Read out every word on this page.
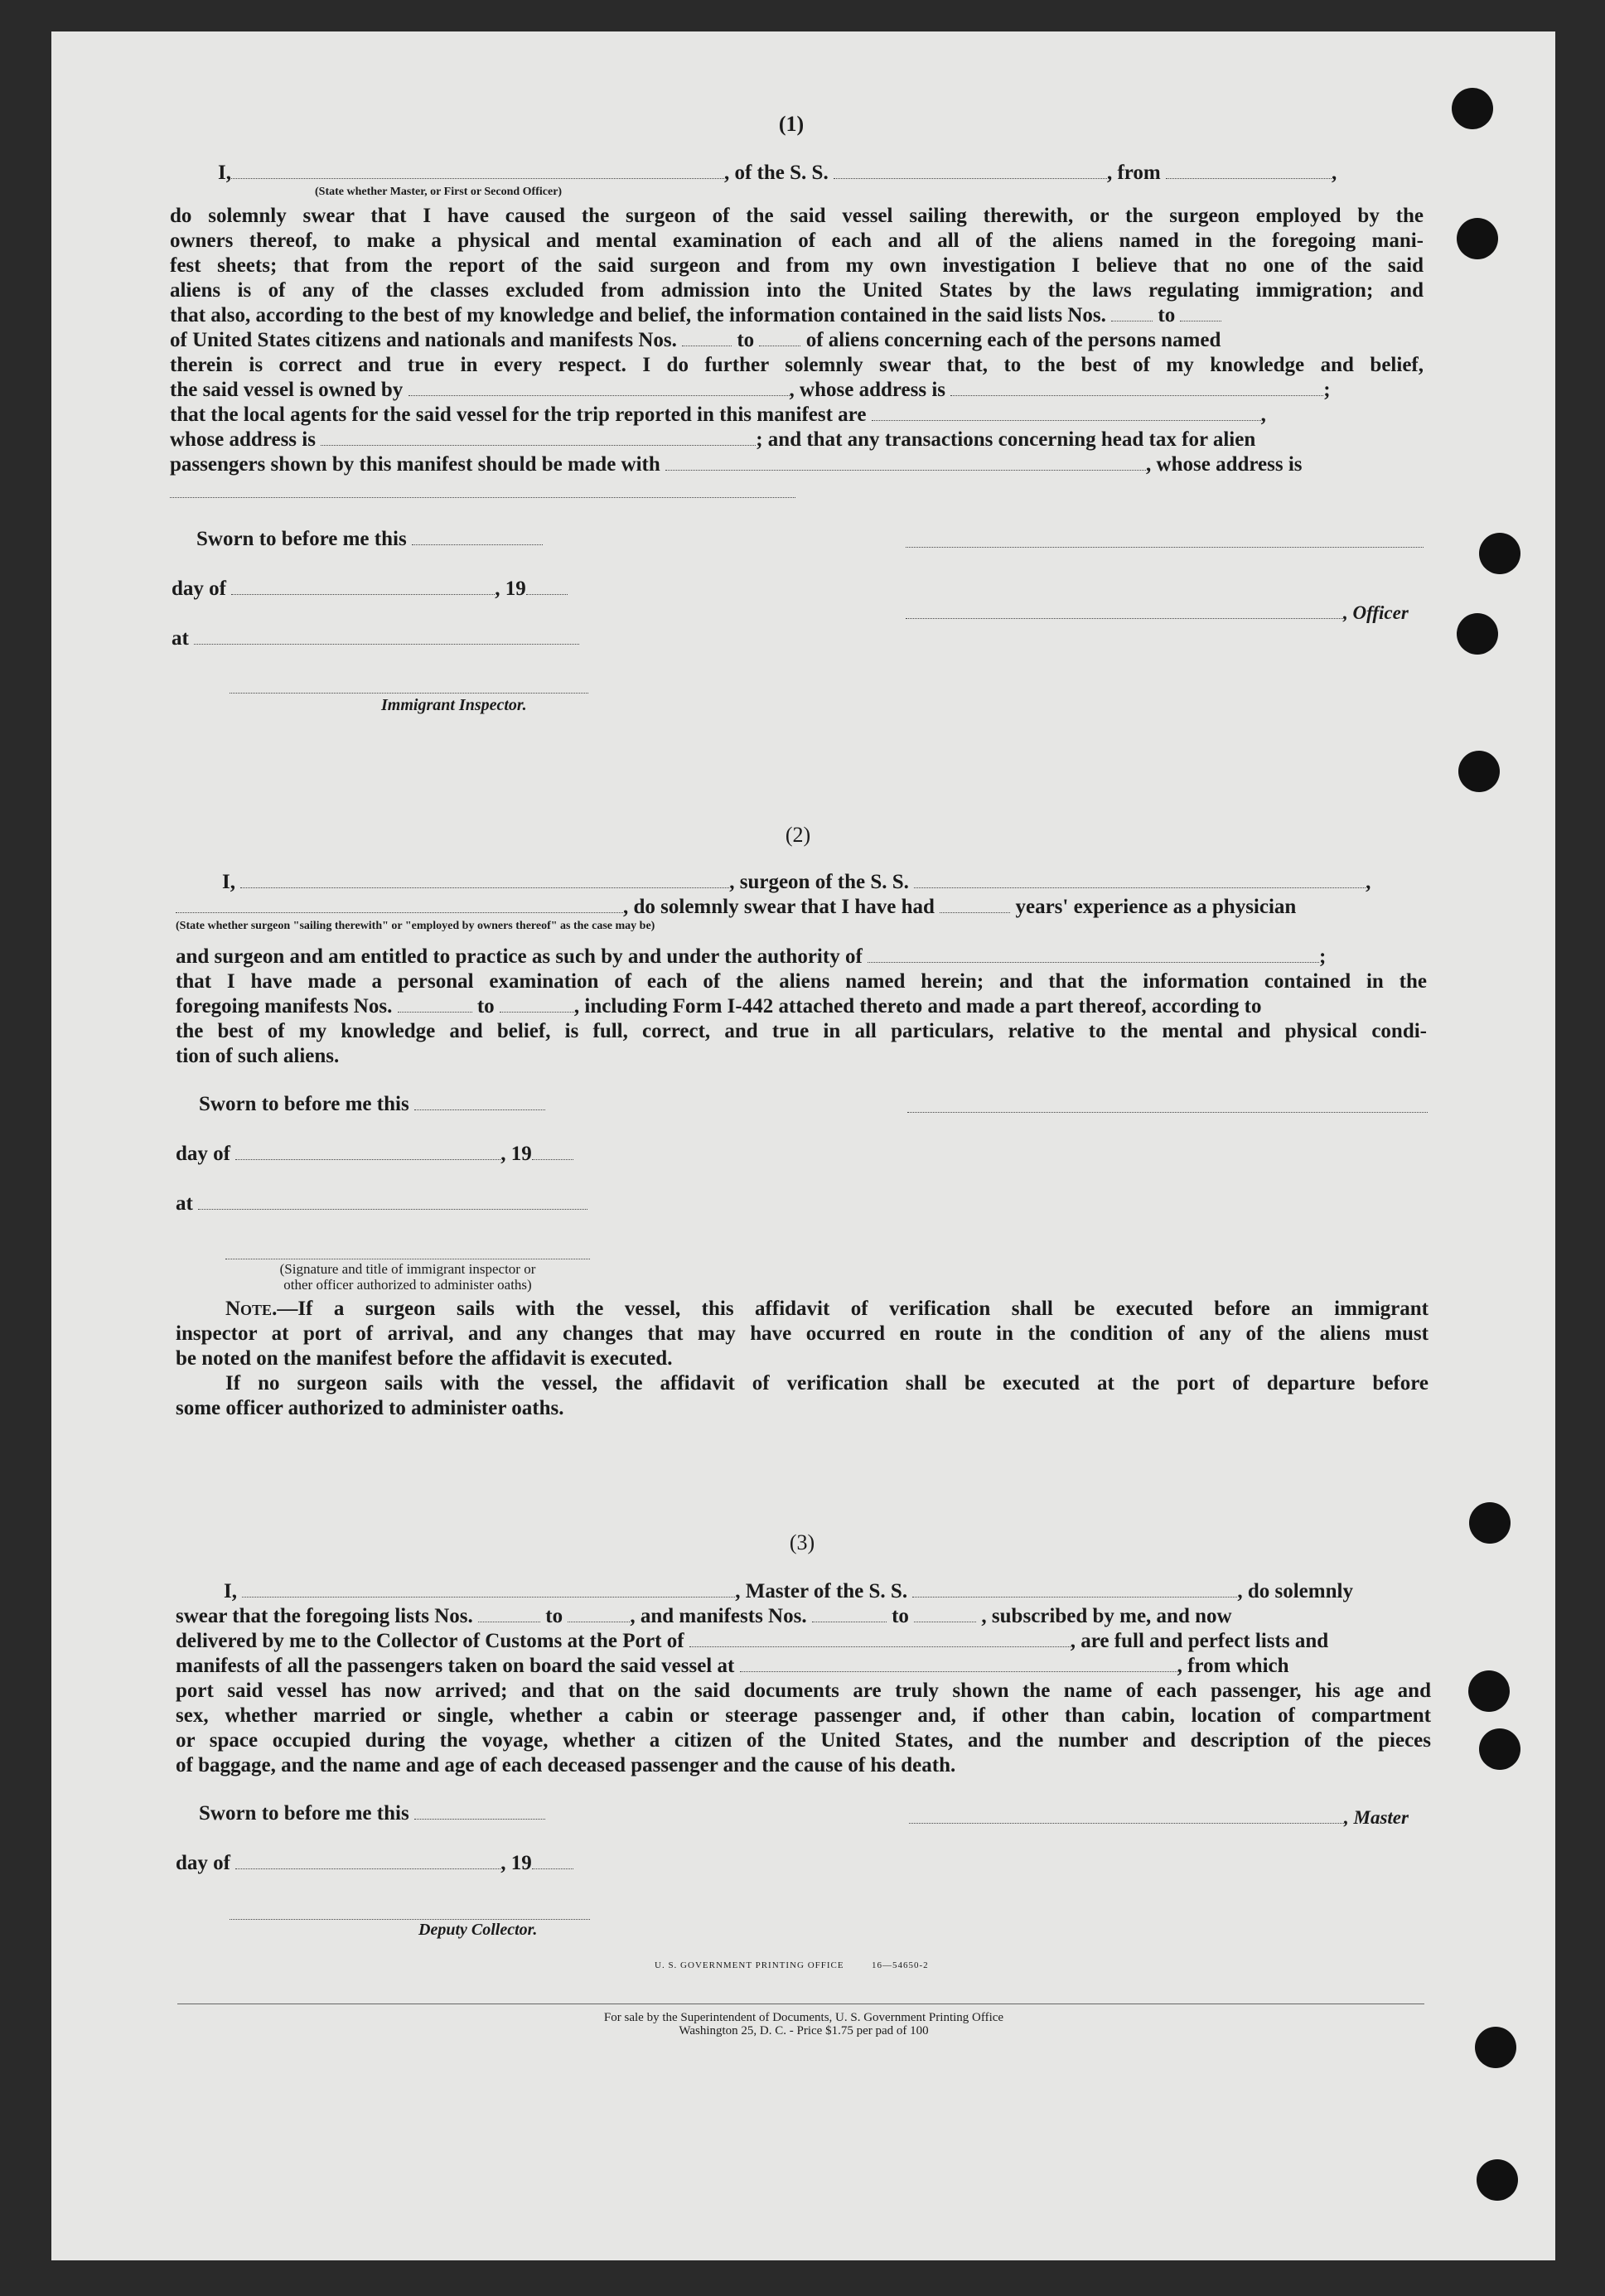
(1)
I,	, of the S. S.	, from	,
(State whether Master, or First or Second Officer)
do solemnly swear that I have caused the surgeon of the said vessel sailing therewith, or the surgeon employed by the
owners thereof, to make a physical and mental examination of each and all of the aliens named in the foregoing mani-
fest sheets; that from the report of the said surgeon and from my own investigation I believe that no one of the said
aliens is of any of the classes excluded from admission into the United States by the laws regulating immigration; and
that also, according to the best of my knowledge and belief, the information contained in the said lists Nos.	to
of United States citizens and nationals and manifests Nos.	to	of aliens concerning each of the persons named
therein is correct and true in every respect. I do further solemnly swear that, to the best of my knowledge and belief,
the said vessel is owned by	, whose address is	;
that the local agents for the said vessel for the trip reported in this manifest are	,
whose address is	; and that any transactions concerning head tax for alien
passengers shown by this manifest should be made with	, whose address is
Sworn to before me this
day of	, 19
, Officer
at
Immigrant Inspector.
(2)
I,	, surgeon of the S. S.	,
, do solemnly swear that I have had	years' experience as a physician
(State whether surgeon "sailing therewith" or "employed by owners thereof" as the case may be)
and surgeon and am entitled to practice as such by and under the authority of	;
that I have made a personal examination of each of the aliens named herein; and that the information contained in the
foregoing manifests Nos.	to	, including Form I-442 attached thereto and made a part thereof, according to
the best of my knowledge and belief, is full, correct, and true in all particulars, relative to the mental and physical condi-
tion of such aliens.
Sworn to before me this
day of	, 19
at
(Signature and title of immigrant inspector or
other officer authorized to administer oaths)
Note.—If a surgeon sails with the vessel, this affidavit of verification shall be executed before an immigrant
inspector at port of arrival, and any changes that may have occurred en route in the condition of any of the aliens must
be noted on the manifest before the affidavit is executed.
If no surgeon sails with the vessel, the affidavit of verification shall be executed at the port of departure before
some officer authorized to administer oaths.
(3)
I,	, Master of the S. S.	, do solemnly
swear that the foregoing lists Nos.	to	, and manifests Nos.	to	, subscribed by me, and now
delivered by me to the Collector of Customs at the Port of	, are full and perfect lists and
manifests of all the passengers taken on board the said vessel at	, from which
port said vessel has now arrived; and that on the said documents are truly shown the name of each passenger, his age and
sex, whether married or single, whether a cabin or steerage passenger and, if other than cabin, location of compartment
or space occupied during the voyage, whether a citizen of the United States, and the number and description of the pieces
of baggage, and the name and age of each deceased passenger and the cause of his death.
Sworn to before me this	, Master
day of	, 19
Deputy Collector.
U. S. GOVERNMENT PRINTING OFFICE	16—54650-2
For sale by the Superintendent of Documents, U. S. Government Printing Office
Washington 25, D. C. - Price $1.75 per pad of 100
